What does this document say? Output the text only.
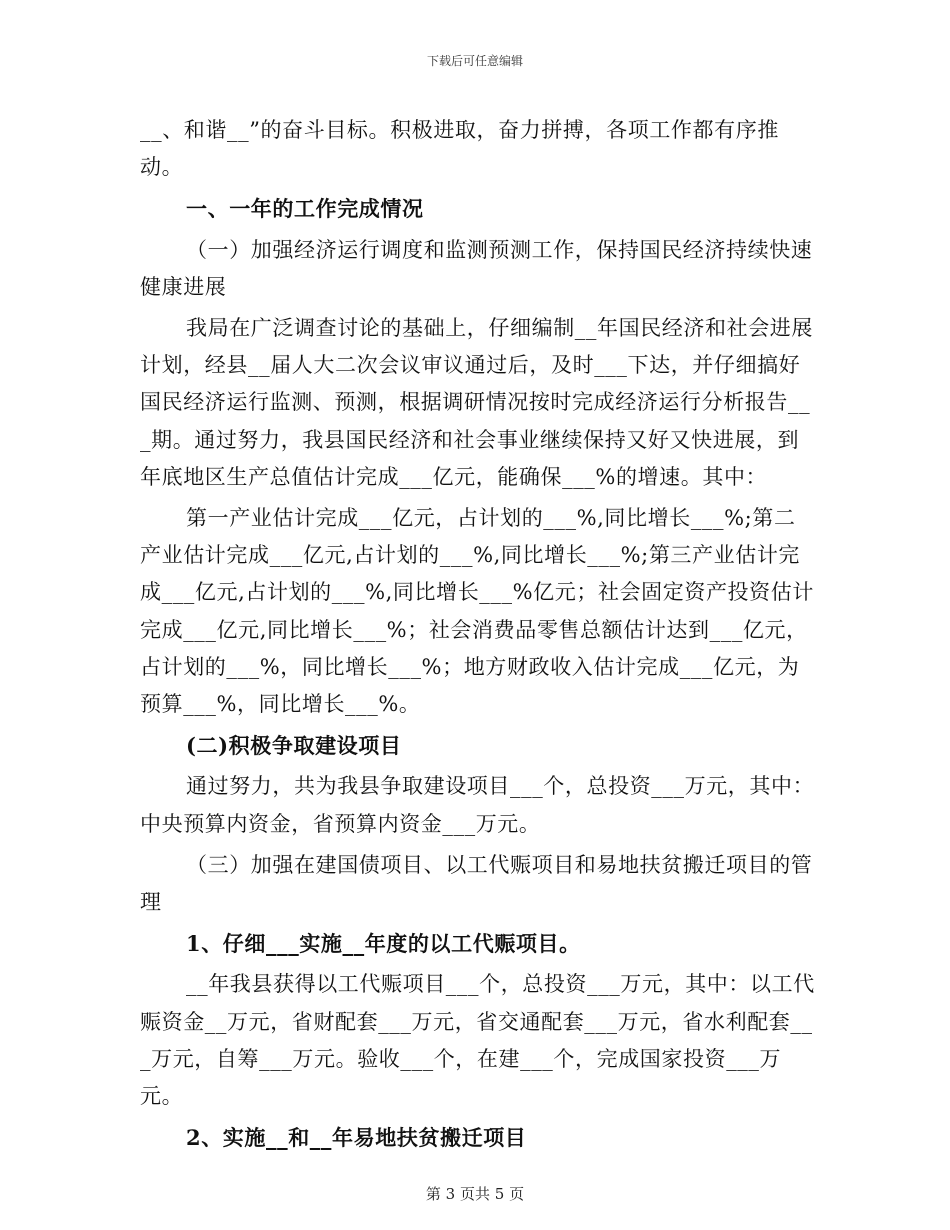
下载后可任意编辑

__、和谐__”的奋斗目标。积极进取，奋力拼搏，各项工作都有序推动。

一、一年的工作完成情况

（一）加强经济运行调度和监测预测工作，保持国民经济持续快速健康进展

我局在广泛调查讨论的基础上，仔细编制__年国民经济和社会进展计划，经县__届人大二次会议审议通过后，及时___下达，并仔细搞好国民经济运行监测、预测，根据调研情况按时完成经济运行分析报告___期。通过努力，我县国民经济和社会事业继续保持又好又快进展，到年底地区生产总值估计完成___亿元，能确保___%的增速。其中：

第一产业估计完成___亿元，占计划的___%,同比增长___%;第二产业估计完成___亿元,占计划的___%,同比增长___%;第三产业估计完成___亿元,占计划的___%,同比增长___%亿元；社会固定资产投资估计完成___亿元,同比增长___%；社会消费品零售总额估计达到___亿元，占计划的___%，同比增长___%；地方财政收入估计完成___亿元，为预算___%，同比增长___%。

(二)积极争取建设项目

通过努力，共为我县争取建设项目___个，总投资___万元，其中：中央预算内资金，省预算内资金___万元。

（三）加强在建国债项目、以工代赈项目和易地扶贫搬迁项目的管理

1、仔细___实施__年度的以工代赈项目。

__年我县获得以工代赈项目___个，总投资___万元，其中：以工代赈资金__万元，省财配套___万元，省交通配套___万元，省水利配套___万元，自筹___万元。验收___个，在建___个，完成国家投资___万元。

2、实施__和__年易地扶贫搬迁项目

第 3 页共 5 页
